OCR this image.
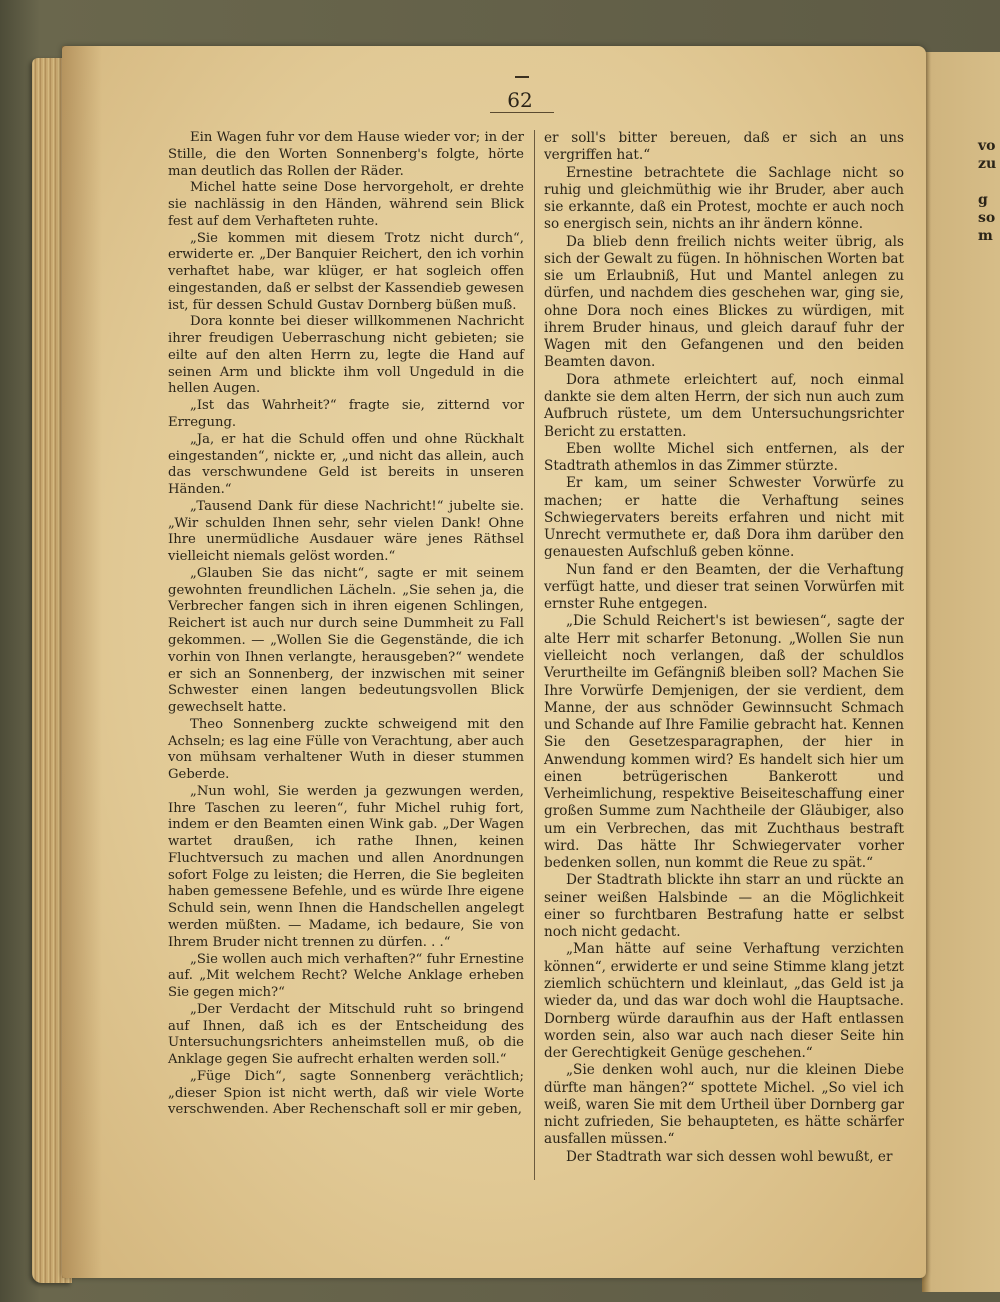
vo
zu
g
so
m
62

Ein Wagen fuhr vor dem Hause wieder vor; in der Stille, die den Worten Sonnenberg's folgte, hörte man deutlich das Rollen der Räder.

Michel hatte seine Dose hervorgeholt, er drehte sie nachlässig in den Händen, während sein Blick fest auf dem Verhafteten ruhte.

„Sie kommen mit diesem Trotz nicht durch“, erwiderte er. „Der Banquier Reichert, den ich vorhin verhaftet habe, war klüger, er hat sogleich offen eingestanden, daß er selbst der Kassendieb gewesen ist, für dessen Schuld Gustav Dornberg büßen muß.

Dora konnte bei dieser willkommenen Nachricht ihrer freudigen Ueberraschung nicht gebieten; sie eilte auf den alten Herrn zu, legte die Hand auf seinen Arm und blickte ihm voll Ungeduld in die hellen Augen.

„Ist das Wahrheit?“ fragte sie, zitternd vor Erregung.

„Ja, er hat die Schuld offen und ohne Rückhalt eingestanden“, nickte er, „und nicht das allein, auch das verschwundene Geld ist bereits in unseren Händen.“

„Tausend Dank für diese Nachricht!“ jubelte sie. „Wir schulden Ihnen sehr, sehr vielen Dank! Ohne Ihre unermüdliche Ausdauer wäre jenes Räthsel vielleicht niemals gelöst worden.“

„Glauben Sie das nicht“, sagte er mit seinem gewohnten freundlichen Lächeln. „Sie sehen ja, die Verbrecher fangen sich in ihren eigenen Schlingen, Reichert ist auch nur durch seine Dummheit zu Fall gekommen. — „Wollen Sie die Gegenstände, die ich vorhin von Ihnen verlangte, herausgeben?“ wendete er sich an Sonnenberg, der inzwischen mit seiner Schwester einen langen bedeutungsvollen Blick gewechselt hatte.

Theo Sonnenberg zuckte schweigend mit den Achseln; es lag eine Fülle von Verachtung, aber auch von mühsam verhaltener Wuth in dieser stummen Geberde.

„Nun wohl, Sie werden ja gezwungen werden, Ihre Taschen zu leeren“, fuhr Michel ruhig fort, indem er den Beamten einen Wink gab. „Der Wagen wartet draußen, ich rathe Ihnen, keinen Fluchtversuch zu machen und allen Anordnungen sofort Folge zu leisten; die Herren, die Sie begleiten haben gemessene Befehle, und es würde Ihre eigene Schuld sein, wenn Ihnen die Handschellen angelegt werden müßten. — Madame, ich bedaure, Sie von Ihrem Bruder nicht trennen zu dürfen. . .“

„Sie wollen auch mich verhaften?“ fuhr Ernestine auf. „Mit welchem Recht? Welche Anklage erheben Sie gegen mich?“

„Der Verdacht der Mitschuld ruht so bringend auf Ihnen, daß ich es der Entscheidung des Untersuchungsrichters anheimstellen muß, ob die Anklage gegen Sie aufrecht erhalten werden soll.“

„Füge Dich“, sagte Sonnenberg verächtlich; „dieser Spion ist nicht werth, daß wir viele Worte verschwenden. Aber Rechenschaft soll er mir geben,

er soll's bitter bereuen, daß er sich an uns vergriffen hat.“

Ernestine betrachtete die Sachlage nicht so ruhig und gleichmüthig wie ihr Bruder, aber auch sie erkannte, daß ein Protest, mochte er auch noch so energisch sein, nichts an ihr ändern könne.

Da blieb denn freilich nichts weiter übrig, als sich der Gewalt zu fügen. In höhnischen Worten bat sie um Erlaubniß, Hut und Mantel anlegen zu dürfen, und nachdem dies geschehen war, ging sie, ohne Dora noch eines Blickes zu würdigen, mit ihrem Bruder hinaus, und gleich darauf fuhr der Wagen mit den Gefangenen und den beiden Beamten davon.

Dora athmete erleichtert auf, noch einmal dankte sie dem alten Herrn, der sich nun auch zum Aufbruch rüstete, um dem Untersuchungsrichter Bericht zu erstatten.

Eben wollte Michel sich entfernen, als der Stadtrath athemlos in das Zimmer stürzte.

Er kam, um seiner Schwester Vorwürfe zu machen; er hatte die Verhaftung seines Schwiegervaters bereits erfahren und nicht mit Unrecht vermuthete er, daß Dora ihm darüber den genauesten Aufschluß geben könne.

Nun fand er den Beamten, der die Verhaftung verfügt hatte, und dieser trat seinen Vorwürfen mit ernster Ruhe entgegen.

„Die Schuld Reichert's ist bewiesen“, sagte der alte Herr mit scharfer Betonung. „Wollen Sie nun vielleicht noch verlangen, daß der schuldlos Verurtheilte im Gefängniß bleiben soll? Machen Sie Ihre Vorwürfe Demjenigen, der sie verdient, dem Manne, der aus schnöder Gewinnsucht Schmach und Schande auf Ihre Familie gebracht hat. Kennen Sie den Gesetzesparagraphen, der hier in Anwendung kommen wird? Es handelt sich hier um einen betrügerischen Bankerott und Verheimlichung, respektive Beiseiteschaffung einer großen Summe zum Nachtheile der Gläubiger, also um ein Verbrechen, das mit Zuchthaus bestraft wird. Das hätte Ihr Schwiegervater vorher bedenken sollen, nun kommt die Reue zu spät.“

Der Stadtrath blickte ihn starr an und rückte an seiner weißen Halsbinde — an die Möglichkeit einer so furchtbaren Bestrafung hatte er selbst noch nicht gedacht.

„Man hätte auf seine Verhaftung verzichten können“, erwiderte er und seine Stimme klang jetzt ziemlich schüchtern und kleinlaut, „das Geld ist ja wieder da, und das war doch wohl die Hauptsache. Dornberg würde daraufhin aus der Haft entlassen worden sein, also war auch nach dieser Seite hin der Gerechtigkeit Genüge geschehen.“

„Sie denken wohl auch, nur die kleinen Diebe dürfte man hängen?“ spottete Michel. „So viel ich weiß, waren Sie mit dem Urtheil über Dornberg gar nicht zufrieden, Sie behaupteten, es hätte schärfer ausfallen müssen.“

Der Stadtrath war sich dessen wohl bewußt, er
